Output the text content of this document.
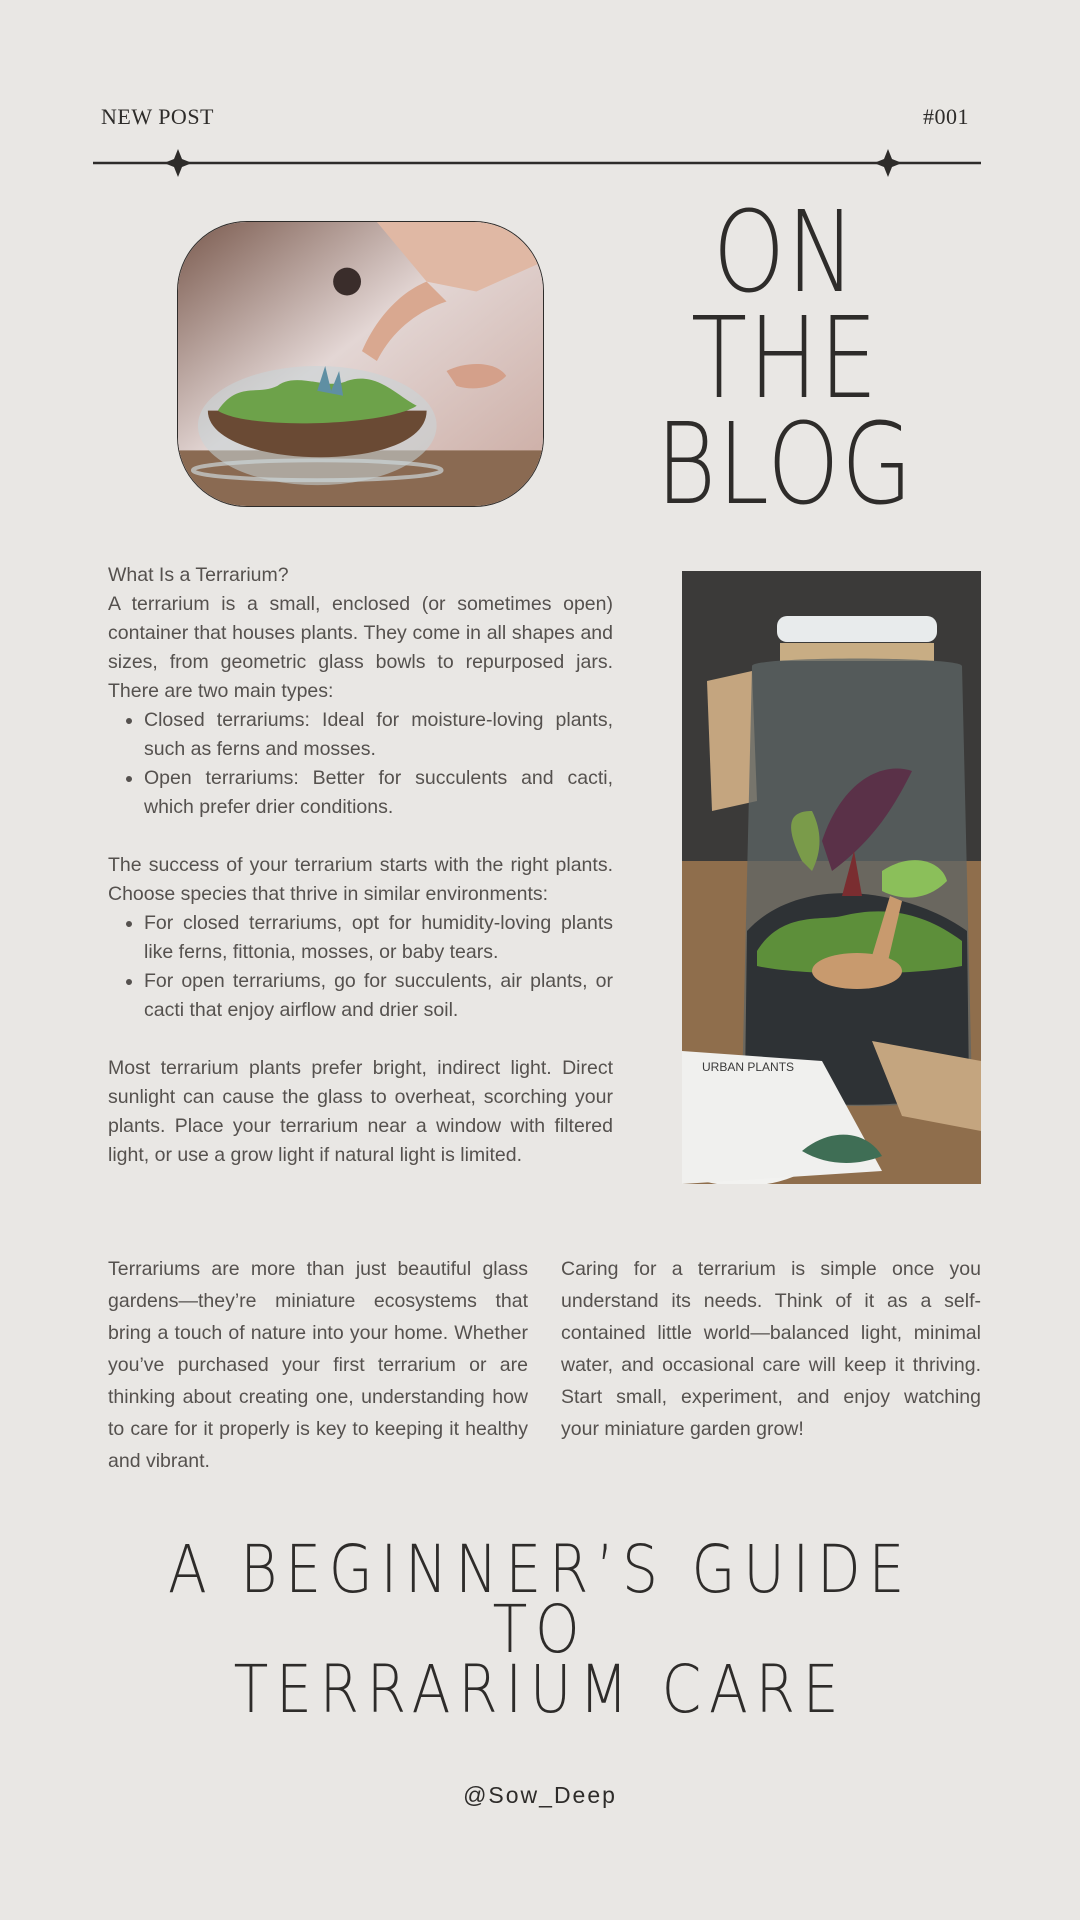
NEW POST	#001
ON
THE
BLOG

What Is a Terrarium?

A terrarium is a small, enclosed (or sometimes open) container that houses plants. They come in all shapes and sizes, from geometric glass bowls to repurposed jars. There are two main types:

• Closed terrariums: Ideal for moisture-loving plants, such as ferns and mosses.
• Open terrariums: Better for succulents and cacti, which prefer drier conditions.

The success of your terrarium starts with the right plants. Choose species that thrive in similar environments:

• For closed terrariums, opt for humidity-loving plants like ferns, fittonia, mosses, or baby tears.
• For open terrariums, go for succulents, air plants, or cacti that enjoy airflow and drier soil.

Most terrarium plants prefer bright, indirect light. Direct sunlight can cause the glass to overheat, scorching your plants. Place your terrarium near a window with filtered light, or use a grow light if natural light is limited.

URBAN PLANTS
Terrariums are more than just beautiful glass gardens—they’re miniature ecosystems that bring a touch of nature into your home. Whether you’ve purchased your first terrarium or are thinking about creating one, understanding how to care for it properly is key to keeping it healthy and vibrant.
Caring for a terrarium is simple once you understand its needs. Think of it as a self-contained little world—balanced light, minimal water, and occasional care will keep it thriving. Start small, experiment, and enjoy watching your miniature garden grow!
A BEGINNER’S GUIDE TO
TERRARIUM CARE
@Sow_Deep
